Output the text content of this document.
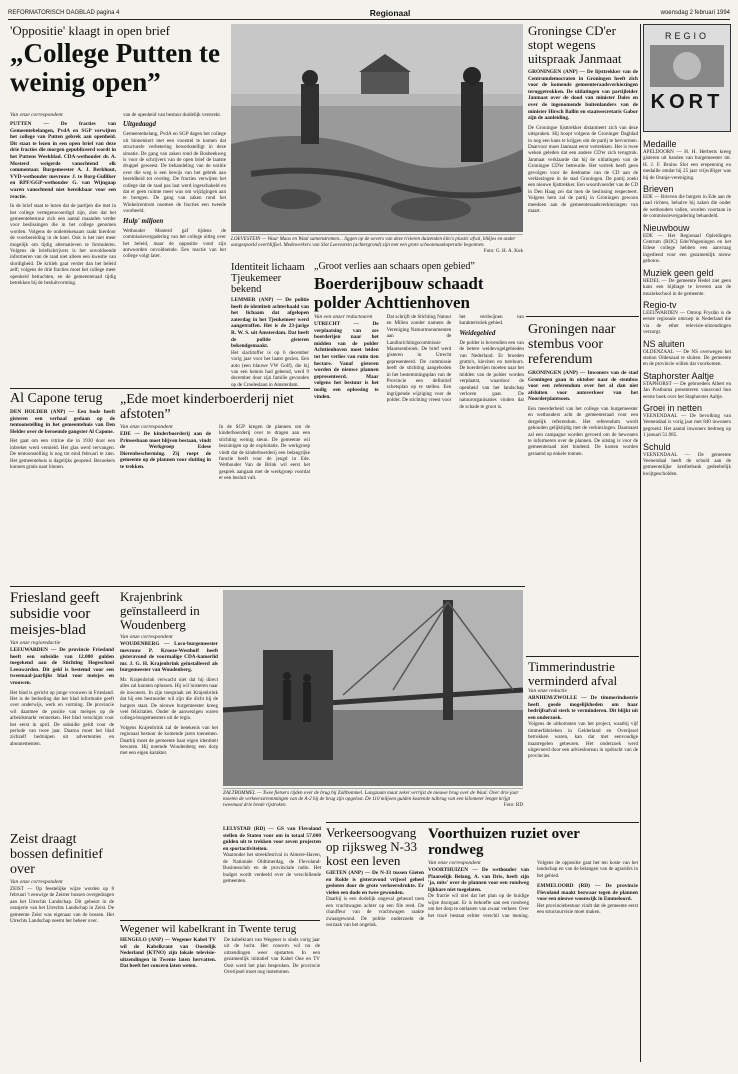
REFORMATORISCH DAGBLAD pagina 4	Regionaal	woensdag 2 februari 1994
'Oppositie' klaagt in open brief
„College Putten te weinig open”
Van onze correspondent
PUTTEN — De fracties van Gemeentebelangen, PvdA en SGP verwijten het college van Putten gebrek aan openheid. Dit staat te lezen in een open brief van deze drie fracties die morgen gepubliceerd wordt in het Puttens Weekblad. CDA-wethouder dr. A. Mosterd weigerde vanochtend elk commentaar. Burgemeester A. J. Berkhout, VVD-wethouder mevrouw J. te Borg-Gulliker en RPF/GGP-wethouder G. van Wijngaap waren vanochtend niet bereikbaar voor een reactie.
In de brief staat te lezen dat de partijen die met in het college vertegenwoordigd zijn, zien dat het gemeentebestuur zich een aantal maanden verder voor beslissingen die in het college genomen worden. Volgens de ondertekenaars raakt hierdoor de voorbereiding in de knel. Ook is het niet meer mogelijk om tijdig alternatieven te formuleren. Volgens de briefschrijvers is het onvoldoende informeren van de raad niet alleen een kwestie van slordigheid. De kritiek gaat verder dan het beleid zelf; volgens de drie fracties moet het college meer openheid betrachten, en de gemeenteraad tijdig betrekken bij de besluitvorming.
van de openheid van bestuur duidelijk verstrekt.
Uitgedaagd
Gemeentebelang, PvdA en SGP dagen het college uit binnenkort met een voorstel te komen dat structurele verbetering bewerkstelligt in deze situatie. De gang van zaken rond de Bosbeekweg is voor de schrijvers van de open brief de laatste druppel geweest. De behandeling van de notitie over die weg is een bewijs van het gebrek aan bereidheid tot overleg. De fracties verwijten het college dat de raad pas laat werd ingeschakeld en dat er geen ruimte meer was om wijzigingen aan te brengen. De gang van zaken rond het Winkelcentrum noemen de fracties een tweede voorbeeld.
Hulp' miljoen
Wethouder Mosterd gaf tijdens de commissievergadering van het college uitleg over het beleid, maar de oppositie vond zijn antwoorden onvoldoende. Een reactie van het college volgt later.
LOEVESTEIN — Waar Maas en Waal samenstromen... liggen op de oevers van deze rivieren duizenden kilo's plastic afval, blikjes en ander aangespoeld overblijfsel. Medewerkers van Slot Loevestein (achtergrond) zijn met een grote schoonmaakoperatie begonnen.
Foto: G. H. A. Kok
Groningse CD'er stopt wegens uitspraak Janmaat
GRONINGEN (ANP) — De lijsttrekker van de Centrumdemocraten in Groningen heeft zich voor de komende gemeenteraadsverkiezingen teruggetrokken. De uitlatingen van partijleider Janmaat over de dood van minister Dales en over de ingenomende buitenlanders van de minister Hirsch Ballin en staatssecretaris Gabor zijn de aanleiding.
De Groningse lijsttrekker distantieert zich van deze uitspraken. Hij hoopt volgens de Groninger Dagblad in nog een kans te krijgen om de partij te hervormen. Daarvoor moet Janmaat eerst vertrekken. Het is twee weken geleden dat een andere CD'er zich terugtrok. Janmaat verklaarde dat hij de uitlatingen van de Groningse CD'er betreurde. Het vertrek heeft geen gevolgen voor de deelname van de CD aan de verkiezingen in de stad Groningen. De partij zoekt een nieuwe lijsttrekker. Een woordvoerder van de CD in Den Haag zei dat men de beslissing respecteert. Volgens hem zal de partij in Groningen gewoon meedoen aan de gemeenteraadsverkiezingen van maart.
Groningen naar stembus voor referendum
GRONINGEN (ANP) — Inwoners van de stad Groningen gaan in oktober naar de stembus voor een referendum over het al dan niet afsluiten voor autoverkeer van het Noorderplantsoen.
Een meerderheid van het college van burgemeester en wethouders acht de gemeenteraad voor een dergelijk referendum. Het referendum wordt gehouden gelijktijdig met de verkiezingen. Daarnaast zal een campagne worden gevoerd om de bewoners te informeren over de plannen. De uitslag is voor de gemeenteraad niet bindend. De kosten worden geraamd op enkele tonnen.
Timmerindustrie verminderd afval
Van onze redactie
ARNHEM/ZWOLLE — De timmerindustrie heeft goede mogelijkheden om haar bedrijfsafval sterk te verminderen. Dit blijkt uit een onderzoek.
Volgens de uitkomsten van het project, waarbij vijf timmerfabrieken in Gelderland en Overijssel betrokken waren, kan dat met eenvoudige maatregelen gebeuren. Het onderzoek werd uitgevoerd door een adviesbureau in opdracht van de provincies.
REGIO
KORT
Medaille
APELDOORN — H. H. Herberts kreeg gisteren uit handen van burgemeester mr. H. J. F. Bruins Slot een erepenning en medaille omdat hij 25 jaar vrijwilliger was bij de Oranje-vereniging.
Brieven
EDE — Brieven die burgers in Ede aan de raad richten, behalve bij zaken die onder de wethouders vallen, worden voortaan in de commissievergadering behandeld.
Nieuwbouw
EDE — Het Regionaal Opleidingen Centrum (ROC) Ede/Wageningen en het Edese college hebben een aanvraag ingediend voor een gezamenlijk nieuw gebouw.
Muziek geen geld
HEDEL — De gemeente Hedel ziet geen kans een bijdrage te leveren aan de muziekschool in de gemeente.
Regio-tv
LEEUWARDEN — Omrop Fryslân is de eerste regionale omroep in Nederland die via de ether televisie-uitzendingen verzorgt.
NS aluiten
OLDENZAAL — De NS overwegen het station Oldenzaal te sluiten. De gemeente en de provincie willen dat voorkomen.
Staphorster Aaltje
STAPHORST — De gebroeders Albert en Jan Posthuma presenteren vanavond hun eerste boek over het Staphorster Aaltje.
Groei in netten
VEENENDAAL — De bevolking van Veenendaal is vorig jaar met 840 inwoners gegroeid. Het aantal inwoners bedroeg op 1 januari 51.985.
Schuld
VEENENDAAL — De gemeente Veenendaal heeft de schuld aan de gemeentelijke kredietbank gedeeltelijk kwijtgescholden.
Identiteit lichaam Tjeukemeer bekend
LEMMER (ANP) — De politie heeft de identiteit achterhaald van het lichaam dat afgelopen zaterdag in het Tjeukemeer werd aangetroffen. Het is de 23-jarige R. W. S. uit Amsterdam. Dat heeft de politie gisteren bekendgemaakt.
Het slachtoffer is op 6 december vorig jaar voor het laatst gezien. Een auto (een blauwe VW Golf), die hij van een kennis had geleend, werd 9 december door zijn familie gevonden op de Croeleslaan in Amsterdam.
„Groot verlies aan schaars open gebied”
Boerderijbouw schaadt polder Achttienhoven
Van een onzer redacteuren
UTRECHT — De verplaatsing van zes boerderijen naar het midden van de polder Achttienhoven moet leiden tot het verlies van ruim tien hectare. Vanaf gisteren worden de nieuwe plannen gepresenteerd. Maar volgens het bestuur is het nodig een oplossing te vinden.
Dat schrijft de Stichting Natuur en Milieu zonder namens de Vereniging Natuurmonumenten aan de Landinrichtingscommissie Maarssenbroek. De brief werd gisteren in Utrecht gepresenteerd. De commissie heeft de stichting aangeboden in het bestemmingsplan van de Provincie een definitief schetsplan op te stellen. Een ingrijpende wijziging voor de polder. De stichting vreest voor het verdwijnen van karakteristiek gebied.
Weidegebied
De polder is bovendien een van de betere weidevogelgebieden van Nederland. Er broeden grutto's, kieviten en tureluurs. De boerderijen moeten naar het midden van de polder worden verplaatst, waardoor de openheid van het landschap verloren gaat. De natuurorganisaties vinden dat de schade te groot is.
Al Capone terug
DEN HOLDER (ANP) — Een bode heeft gisteren een verhaal gedaan op de tentoonstelling in het gemeentehuis van Den Helder over de beroemde gangster Al Capone.
Het gaat om een vitrine die in 1930 door een inbreker werd vernield. Het glas werd vervangen. De tentoonstelling is nog tot eind februari te zien. Het gemeentehuis is dagelijks geopend. Bezoekers kunnen gratis naar binnen.
„Ede moet kinderboerderij niet afstoten”
Van onze correspondent
EDE — De kinderboerderij aan de Prinsesbaan moet blijven bestaan, vindt de Werkgroep Edese Dierenbescherming. Zij roept de gemeente op de plannen voor sluiting in te trekken.
In de SGP kregen de plannen om de kinderboerderij over te dragen aan een stichting weinig steun. De gemeente wil bezuinigen op de exploitatie. De werkgroep vindt dat de kinderboerderij een belangrijke functie heeft voor de jeugd in Ede. Wethouder Van de Brink wil eerst het gesprek aangaan met de werkgroep voordat er een besluit valt.
Friesland geeft subsidie voor meisjes-blad
Van onze regioredactie
LEEUWARDEN — De provincie Friesland heeft een subsidie van 12.000 gulden toegekend aan de Stichting Hogeschool Leeuwarden. Dit geld is bestemd voor een tweemaal-jaarlijks blad voor meisjes en vrouwen.
Het blad is gericht op jonge vrouwen in Friesland. Het is de bedoeling dat het blad informatie geeft over onderwijs, werk en vorming. De provincie wil daarmee de positie van meisjes op de arbeidsmarkt versterken. Het blad verschijnt voor het eerst in april. De subsidie geldt voor de periode van twee jaar. Daarna moet het blad zichzelf bedruipen uit advertenties en abonnementen.
Zeist draagt bossen definitief over
Van onze correspondent
ZEIST — Op feestelijke wijze worden op 8 februari 't eeuwige de Zeister bossen overgedragen aan het Utrechts Landschap. Dit gebeurt in de oranjerie van het Utrechts Landschap in Zeist. De gemeente Zeist was eigenaar van de bossen. Het Utrechts Landschap neemt het beheer over.
Krajenbrink geïnstalleerd in Woudenberg
Van onze correspondent
WOUDENBERG — Loco-burgemeester mevrouw P. Kroeze-Westhoff heeft gisteravond de voormalige CDA-kamerlid mr. J. G. H. Krajenbrink geïnstalleerd als burgemeester van Woudenberg.
Mr. Krajenbrink verwacht niet dat hij direct alles zal kunnen oplossen. Hij wil luisteren naar de inwoners. In zijn toespraak zei Krajenbrink dat hij een bestuurder wil zijn die dicht bij de burgers staat. De nieuwe burgemeester kreeg veel felicitaties. Onder de aanwezigen waren collega-burgemeesters uit de regio.
Volgens Krajenbrink zal de betekenis van het regionaal bestuur de komende jaren toenemen. Daarbij moet de gemeente haar eigen identiteit bewaren. Hij noemde Woudenberg een dorp met een eigen karakter.
ZALTBOMMEL — Twee fietsers rijden over de brug bij Zaltbommel. Langzaam maar zeker verrijst de nieuwe brug over de Waal. Over drie jaar moeten de verkeersstremmingen van de A-2 bij de brug zijn opgelost. De 110 miljoen gulden kostende tuibrug van een kilometer lengte krijgt tweemaal drie brede rijstroken.	Foto: RD
LELYSTAD (RD) — GS van Flevoland stellen de Staten voor om in totaal 57.000 gulden uit te trekken voor zeven projecten en sportactiviteiten.
Waaronder het streekfestival in Almere-Haven, de Nationale Oldtimerdag, de Flevoland-Businessclub en de provinciale radio. Het budget wordt verdeeld over de verschillende gemeenten.
Verkeersoogvang op rijksweg N-33 kost een leven
GIETEN (ANP) — De N-33 tussen Gieten en Rolde is gisteravond vrijwel geheel gesloten door de grote verkeersdrukte. Er vielen een dode en twee gewonden.
Daarbij is een dodelijk ongeval gebeurd toen een vrachtwagen achter op een file reed. De chauffeur van de vrachtwagen raakte zwaargewond. De politie onderzoekt de oorzaak van het ongeluk.
Voorthuizen ruziet over rondweg
Van onze correspondent
VOORTHUIZEN — De wethouder van Plaatselijk Belang, A. van Dris, heeft zijn 'ja, mits' over de plannen voor een rondweg lijkbare niet toegelaten.
De fractie wil niet dat het plan op de huidige wijze doorgaat. Er is behoefte aan een rondweg om het dorp te ontlasten van zwaar verkeer. Over het tracé bestaat echter verschil van mening. Volgens de oppositie gaat het ten koste van het landschap en van de belangen van de agrariërs in het gebied.
EMMELOORD (RD) — De provincie Flevoland maakt bezwaar tegen de plannen voor een nieuwe woonwijk in Emmeloord.
Het provinciebestuur vindt dat de gemeente eerst een structuurvisie moet maken.
Wegener wil kabelkrant in Twente terug
HENGELO (ANP) — Wegener Kabel TV wil de Kabelkrant van Oostelijk Nederland (KTNO) zijn lokale televisie-uitzendingen in Twente laten hervatten. Dat heeft het concern laten weten.
De kabelkrant van Wegener is sinds vorig jaar uit de lucht. Het concern wil nu de uitzendingen weer opstarten. In een gezamenlijk initiatief van Kabel One en TV Oost werd het plan besproken. De provincie Overijssel moet nog instemmen.
